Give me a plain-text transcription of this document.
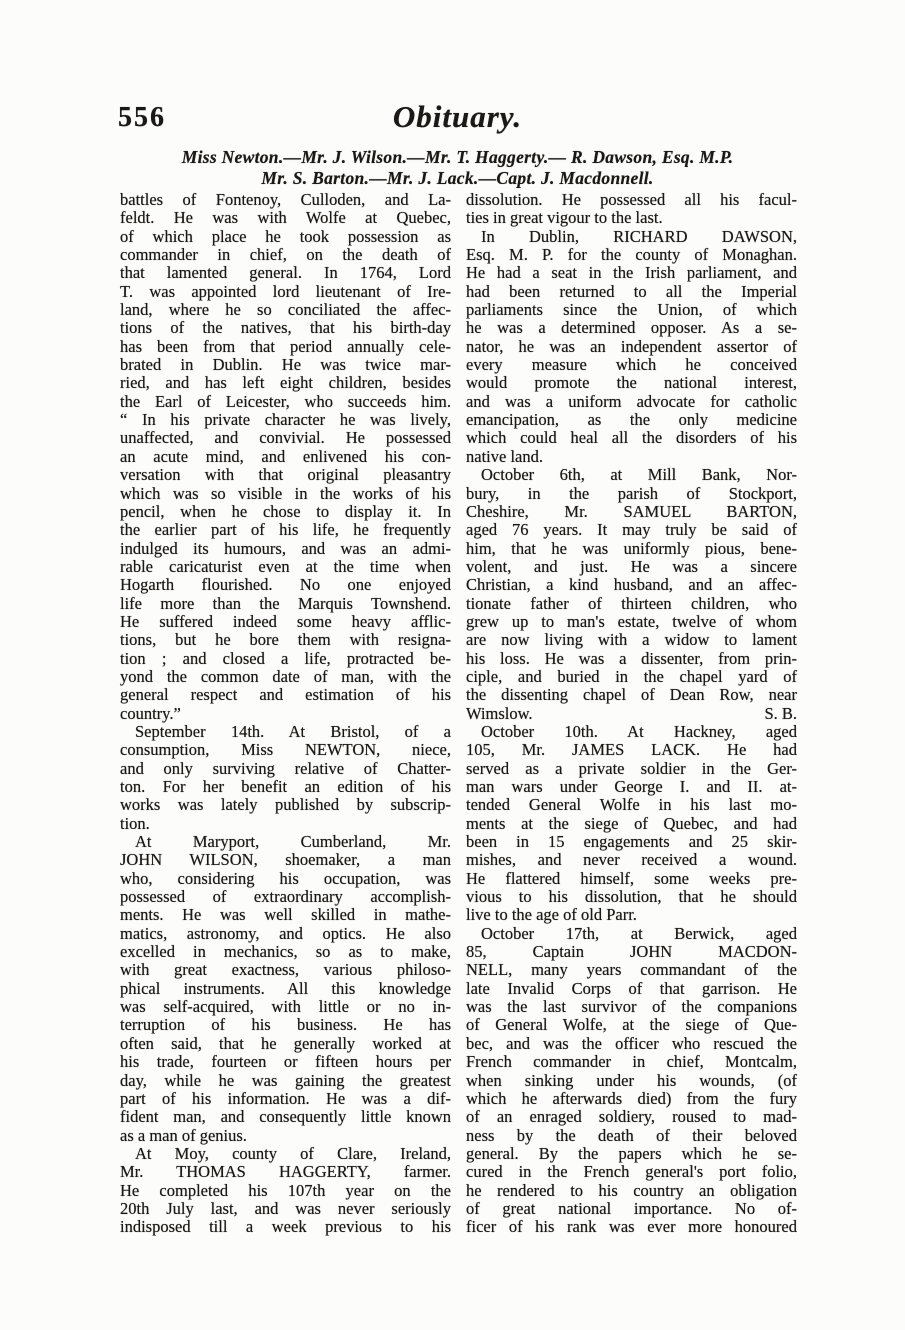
556	Obituary.
Miss Newton.—Mr. J. Wilson.—Mr. T. Haggerty.— R. Dawson, Esq. M.P.
Mr. S. Barton.—Mr. J. Lack.—Capt. J. Macdonnell.
battles of Fontenoy, Culloden, and La-
feldt. He was with Wolfe at Quebec,
of which place he took possession as
commander in chief, on the death of
that lamented general. In 1764, Lord
T. was appointed lord lieutenant of Ire-
land, where he so conciliated the affec-
tions of the natives, that his birth-day
has been from that period annually cele-
brated in Dublin. He was twice mar-
ried, and has left eight children, besides
the Earl of Leicester, who succeeds him.
“ In his private character he was lively,
unaffected, and convivial. He possessed
an acute mind, and enlivened his con-
versation with that original pleasantry
which was so visible in the works of his
pencil, when he chose to display it. In
the earlier part of his life, he frequently
indulged its humours, and was an admi-
rable caricaturist even at the time when
Hogarth flourished. No one enjoyed
life more than the Marquis Townshend.
He suffered indeed some heavy afflic-
tions, but he bore them with resigna-
tion ; and closed a life, protracted be-
yond the common date of man, with the
general respect and estimation of his
country.”
September 14th. At Bristol, of a
consumption, Miss NEWTON, niece,
and only surviving relative of Chatter-
ton. For her benefit an edition of his
works was lately published by subscrip-
tion.
At Maryport, Cumberland, Mr.
JOHN WILSON, shoemaker, a man
who, considering his occupation, was
possessed of extraordinary accomplish-
ments. He was well skilled in mathe-
matics, astronomy, and optics. He also
excelled in mechanics, so as to make,
with great exactness, various philoso-
phical instruments. All this knowledge
was self-acquired, with little or no in-
terruption of his business. He has
often said, that he generally worked at
his trade, fourteen or fifteen hours per
day, while he was gaining the greatest
part of his information. He was a dif-
fident man, and consequently little known
as a man of genius.
At Moy, county of Clare, Ireland,
Mr. THOMAS HAGGERTY, farmer.
He completed his 107th year on the
20th July last, and was never seriously
indisposed till a week previous to his
dissolution. He possessed all his facul-
ties in great vigour to the last.
In Dublin, RICHARD DAWSON,
Esq. M. P. for the county of Monaghan.
He had a seat in the Irish parliament, and
had been returned to all the Imperial
parliaments since the Union, of which
he was a determined opposer. As a se-
nator, he was an independent assertor of
every measure which he conceived
would promote the national interest,
and was a uniform advocate for catholic
emancipation, as the only medicine
which could heal all the disorders of his
native land.
October 6th, at Mill Bank, Nor-
bury, in the parish of Stockport,
Cheshire, Mr. SAMUEL BARTON,
aged 76 years. It may truly be said of
him, that he was uniformly pious, bene-
volent, and just. He was a sincere
Christian, a kind husband, and an affec-
tionate father of thirteen children, who
grew up to man's estate, twelve of whom
are now living with a widow to lament
his loss. He was a dissenter, from prin-
ciple, and buried in the chapel yard of
the dissenting chapel of Dean Row, near
Wimslow.	S. B.
October 10th. At Hackney, aged
105, Mr. JAMES LACK. He had
served as a private soldier in the Ger-
man wars under George I. and II. at-
tended General Wolfe in his last mo-
ments at the siege of Quebec, and had
been in 15 engagements and 25 skir-
mishes, and never received a wound.
He flattered himself, some weeks pre-
vious to his dissolution, that he should
live to the age of old Parr.
October 17th, at Berwick, aged
85, Captain JOHN MACDON-
NELL, many years commandant of the
late Invalid Corps of that garrison. He
was the last survivor of the companions
of General Wolfe, at the siege of Que-
bec, and was the officer who rescued the
French commander in chief, Montcalm,
when sinking under his wounds, (of
which he afterwards died) from the fury
of an enraged soldiery, roused to mad-
ness by the death of their beloved
general. By the papers which he se-
cured in the French general's port folio,
he rendered to his country an obligation
of great national importance. No of-
ficer of his rank was ever more honoured
